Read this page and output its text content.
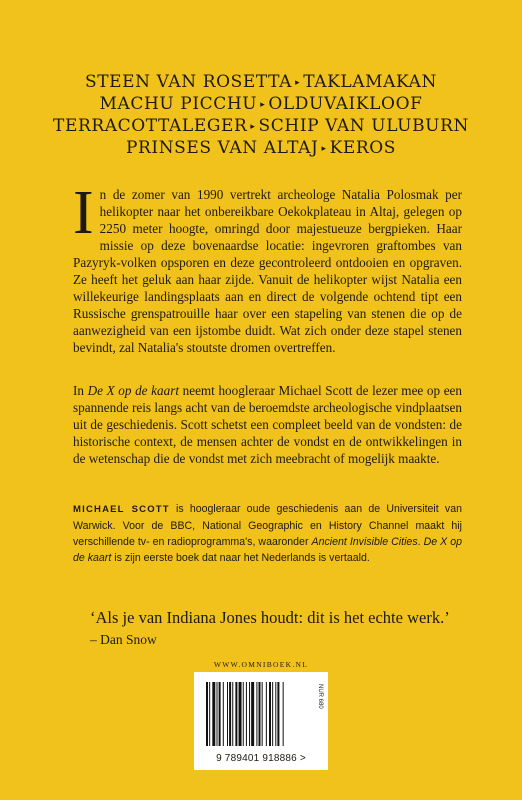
STEEN VAN ROSETTA ▸ TAKLAMAKAN
MACHU PICCHU ▸ OLDUVAIKLOOF
TERRACOTTALEGER ▸ SCHIP VAN ULUBURN
PRINSES VAN ALTAJ ▸ KEROS
In de zomer van 1990 vertrekt archeologe Natalia Polosmak per helikopter naar het onbereikbare Oekokplateau in Altaj, gelegen op 2250 meter hoogte, omringd door majestueuze bergpieken. Haar missie op deze bovenaardse locatie: ingevroren graftombes van Pazyryk-volken opsporen en deze gecontroleerd ontdooien en opgraven. Ze heeft het geluk aan haar zijde. Vanuit de helikopter wijst Natalia een willekeurige landingsplaats aan en direct de volgende ochtend tipt een Russische grenspatrouille haar over een stapeling van stenen die op de aanwezigheid van een ijstombe duidt. Wat zich onder deze stapel stenen bevindt, zal Natalia's stoutste dromen overtreffen.
In De X op de kaart neemt hoogleraar Michael Scott de lezer mee op een spannende reis langs acht van de beroemdste archeologische vindplaatsen uit de geschiedenis. Scott schetst een compleet beeld van de vondsten: de historische context, de mensen achter de vondst en de ontwikkelingen in de wetenschap die de vondst met zich meebracht of mogelijk maakte.
MICHAEL SCOTT is hoogleraar oude geschiedenis aan de Universiteit van Warwick. Voor de BBC, National Geographic en History Channel maakt hij verschillende tv- en radioprogramma's, waaronder Ancient Invisible Cities. De X op de kaart is zijn eerste boek dat naar het Nederlands is vertaald.
‘Als je van Indiana Jones houdt: dit is het echte werk.’ – Dan Snow
WWW.OMNIBOEK.NL
NUR 680
9 789401 918886 >
